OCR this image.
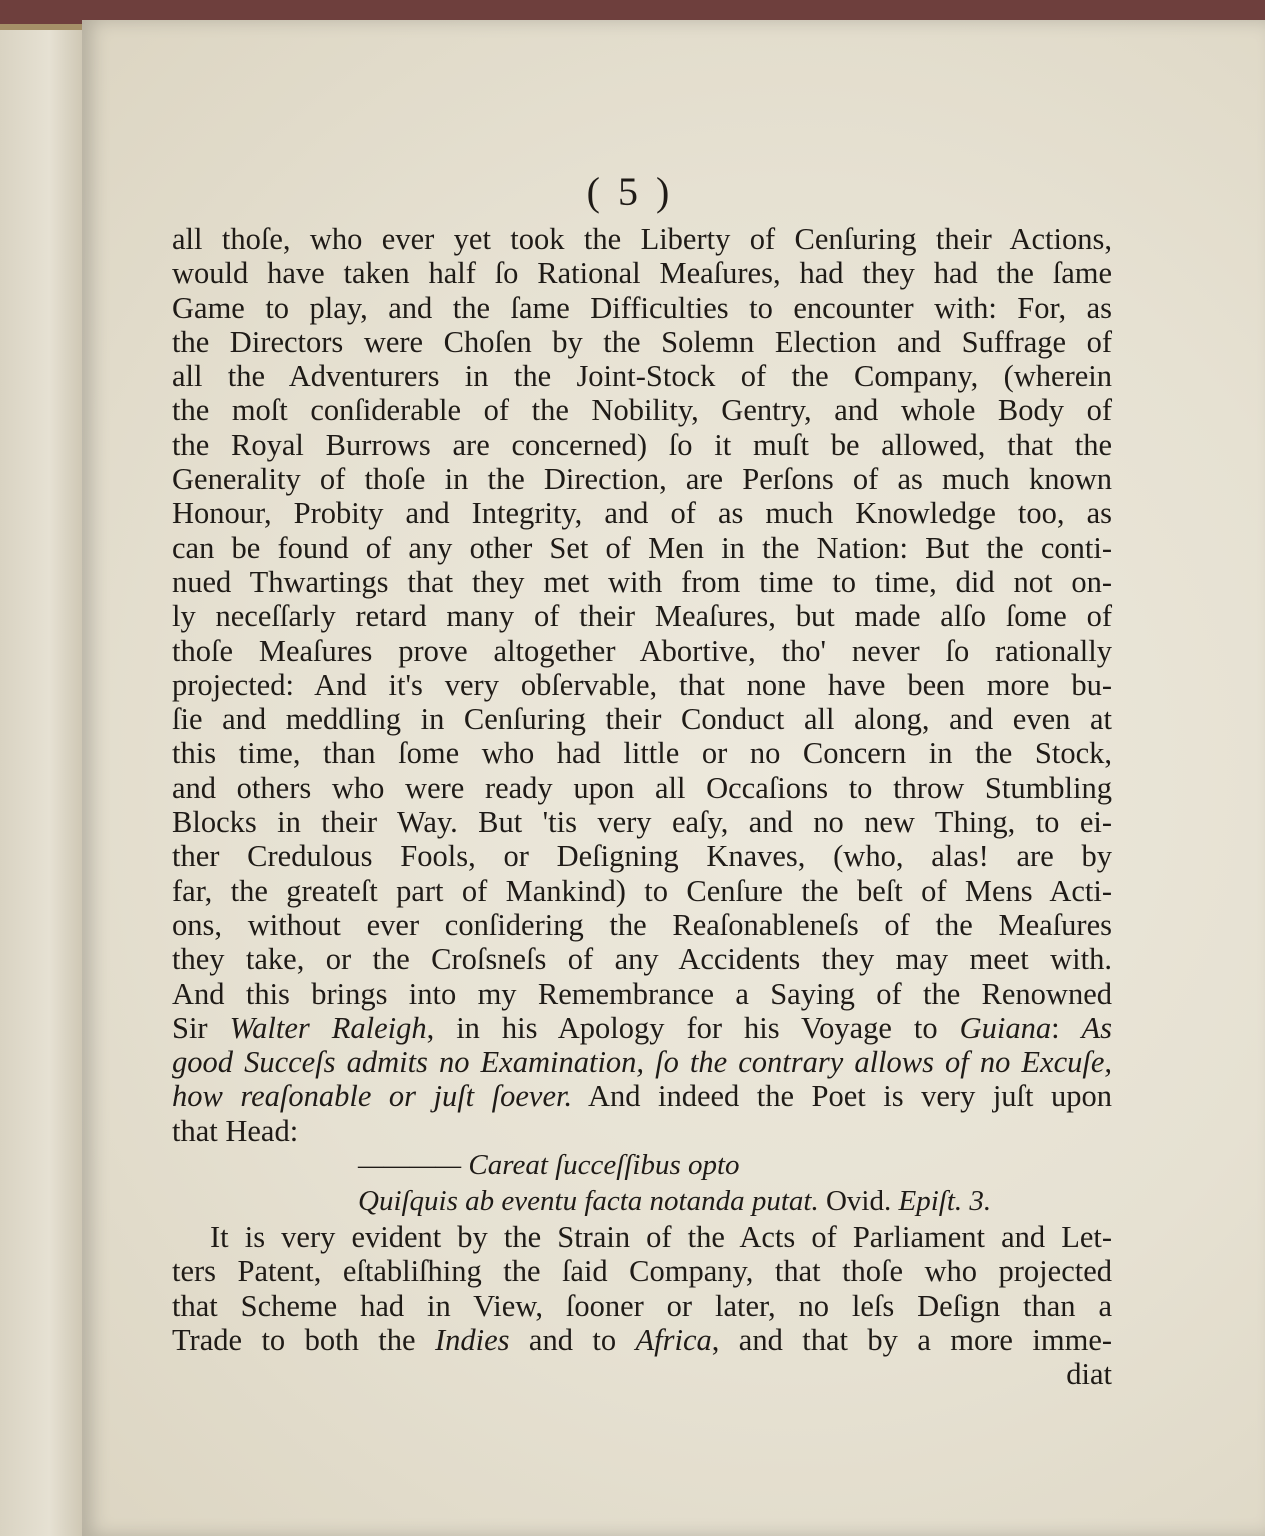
( 5 )
all thoſe, who ever yet took the Liberty of Cenſuring their Actions,
would have taken half ſo Rational Meaſures, had they had the ſame
Game to play, and the ſame Difficulties to encounter with: For, as
the Directors were Choſen by the Solemn Election and Suffrage of
all the Adventurers in the Joint-Stock of the Company, (wherein
the moſt conſiderable of the Nobility, Gentry, and whole Body of
the Royal Burrows are concerned) ſo it muſt be allowed, that the
Generality of thoſe in the Direction, are Perſons of as much known
Honour, Probity and Integrity, and of as much Knowledge too, as
can be found of any other Set of Men in the Nation: But the conti-
nued Thwartings that they met with from time to time, did not on-
ly neceſſarly retard many of their Meaſures, but made alſo ſome of
thoſe Meaſures prove altogether Abortive, tho' never ſo rationally
projected: And it's very obſervable, that none have been more bu-
ſie and meddling in Cenſuring their Conduct all along, and even at
this time, than ſome who had little or no Concern in the Stock,
and others who were ready upon all Occaſions to throw Stumbling
Blocks in their Way. But 'tis very eaſy, and no new Thing, to ei-
ther Credulous Fools, or Deſigning Knaves, (who, alas! are by
far, the greateſt part of Mankind) to Cenſure the beſt of Mens Acti-
ons, without ever conſidering the Reaſonableneſs of the Meaſures
they take, or the Croſsneſs of any Accidents they may meet with.
And this brings into my Remembrance a Saying of the Renowned
Sir Walter Raleigh, in his Apology for his Voyage to Guiana: As
good Succeſs admits no Examination, ſo the contrary allows of no Excuſe,
how reaſonable or juſt ſoever. And indeed the Poet is very juſt upon
that Head:
———— Careat ſucceſſibus opto
Quiſquis ab eventu facta notanda putat. Ovid. Epiſt. 3.
It is very evident by the Strain of the Acts of Parliament and Let-
ters Patent, eſtabliſhing the ſaid Company, that thoſe who projected
that Scheme had in View, ſooner or later, no leſs Deſign than a
Trade to both the Indies and to Africa, and that by a more imme-
diat
